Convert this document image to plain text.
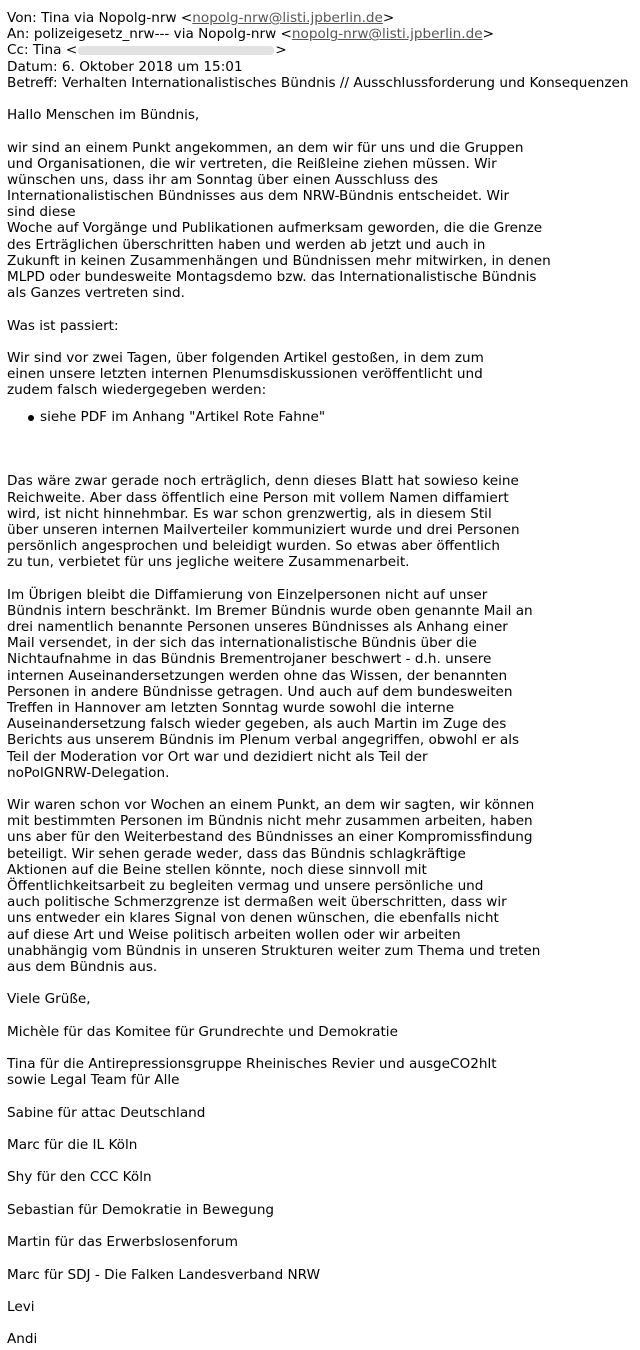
Von: Tina via Nopolg-nrw <nopolg-nrw@listi.jpberlin.de>
An: polizeigesetz_nrw--- via Nopolg-nrw <nopolg-nrw@listi.jpberlin.de>
Cc: Tina <	>
Datum: 6. Oktober 2018 um 15:01
Betreff: Verhalten Internationalistisches Bündnis // Ausschlussforderung und Konsequenzen
Hallo Menschen im Bündnis,
wir sind an einem Punkt angekommen, an dem wir für uns und die Gruppen
und Organisationen, die wir vertreten, die Reißleine ziehen müssen. Wir
wünschen uns, dass ihr am Sonntag über einen Ausschluss des
Internationalistischen Bündnisses aus dem NRW-Bündnis entscheidet. Wir
sind diese
Woche auf Vorgänge und Publikationen aufmerksam geworden, die die Grenze
des Erträglichen überschritten haben und werden ab jetzt und auch in
Zukunft in keinen Zusammenhängen und Bündnissen mehr mitwirken, in denen
MLPD oder bundesweite Montagsdemo bzw. das Internationalistische Bündnis
als Ganzes vertreten sind.
Was ist passiert:
Wir sind vor zwei Tagen, über folgenden Artikel gestoßen, in dem zum
einen unsere letzten internen Plenumsdiskussionen veröffentlicht und
zudem falsch wiedergegeben werden:
siehe PDF im Anhang "Artikel Rote Fahne"
Das wäre zwar gerade noch erträglich, denn dieses Blatt hat sowieso keine
Reichweite. Aber dass öffentlich eine Person mit vollem Namen diffamiert
wird, ist nicht hinnehmbar. Es war schon grenzwertig, als in diesem Stil
über unseren internen Mailverteiler kommuniziert wurde und drei Personen
persönlich angesprochen und beleidigt wurden. So etwas aber öffentlich
zu tun, verbietet für uns jegliche weitere Zusammenarbeit.
Im Übrigen bleibt die Diffamierung von Einzelpersonen nicht auf unser
Bündnis intern beschränkt. Im Bremer Bündnis wurde oben genannte Mail an
drei namentlich benannte Personen unseres Bündnisses als Anhang einer
Mail versendet, in der sich das internationalistische Bündnis über die
Nichtaufnahme in das Bündnis Brementrojaner beschwert - d.h. unsere
internen Auseinandersetzungen werden ohne das Wissen, der benannten
Personen in andere Bündnisse getragen. Und auch auf dem bundesweiten
Treffen in Hannover am letzten Sonntag wurde sowohl die interne
Auseinandersetzung falsch wieder gegeben, als auch Martin im Zuge des
Berichts aus unserem Bündnis im Plenum verbal angegriffen, obwohl er als
Teil der Moderation vor Ort war und dezidiert nicht als Teil der
noPolGNRW-Delegation.
Wir waren schon vor Wochen an einem Punkt, an dem wir sagten, wir können
mit bestimmten Personen im Bündnis nicht mehr zusammen arbeiten, haben
uns aber für den Weiterbestand des Bündnisses an einer Kompromissfindung
beteiligt. Wir sehen gerade weder, dass das Bündnis schlagkräftige
Aktionen auf die Beine stellen könnte, noch diese sinnvoll mit
Öffentlichkeitsarbeit zu begleiten vermag und unsere persönliche und
auch politische Schmerzgrenze ist dermaßen weit überschritten, dass wir
uns entweder ein klares Signal von denen wünschen, die ebenfalls nicht
auf diese Art und Weise politisch arbeiten wollen oder wir arbeiten
unabhängig vom Bündnis in unseren Strukturen weiter zum Thema und treten
aus dem Bündnis aus.
Viele Grüße,
Michèle für das Komitee für Grundrechte und Demokratie
Tina für die Antirepressionsgruppe Rheinisches Revier und ausgeCO2hlt
sowie Legal Team für Alle
Sabine für attac Deutschland
Marc für die IL Köln
Shy für den CCC Köln
Sebastian für Demokratie in Bewegung
Martin für das Erwerbslosenforum
Marc für SDJ - Die Falken Landesverband NRW
Levi
Andi
